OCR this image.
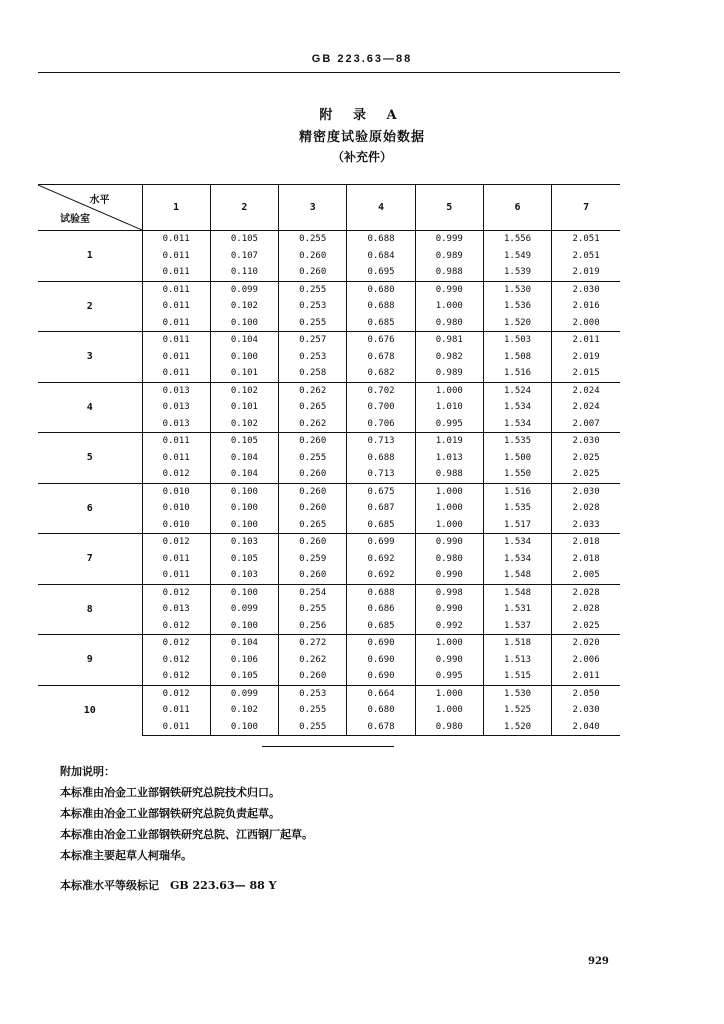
GB 223.63—88
附 录 A
精密度试验原始数据
（补充件）
水平
试验室	1	2	3	4	5	6	7
1	0.011	0.105	0.255	0.688	0.999	1.556	2.051
	0.011	0.107	0.260	0.684	0.989	1.549	2.051
	0.011	0.110	0.260	0.695	0.988	1.539	2.019
2	0.011	0.099	0.255	0.680	0.990	1.530	2.030
	0.011	0.102	0.253	0.688	1.000	1.536	2.016
	0.011	0.100	0.255	0.685	0.980	1.520	2.000
3	0.011	0.104	0.257	0.676	0.981	1.503	2.011
	0.011	0.100	0.253	0.678	0.982	1.508	2.019
	0.011	0.101	0.258	0.682	0.989	1.516	2.015
4	0.013	0.102	0.262	0.702	1.000	1.524	2.024
	0.013	0.101	0.265	0.700	1.010	1.534	2.024
	0.013	0.102	0.262	0.706	0.995	1.534	2.007
5	0.011	0.105	0.260	0.713	1.019	1.535	2.030
	0.011	0.104	0.255	0.688	1.013	1.500	2.025
	0.012	0.104	0.260	0.713	0.988	1.550	2.025
6	0.010	0.100	0.260	0.675	1.000	1.516	2.030
	0.010	0.100	0.260	0.687	1.000	1.535	2.028
	0.010	0.100	0.265	0.685	1.000	1.517	2.033
7	0.012	0.103	0.260	0.699	0.990	1.534	2.018
	0.011	0.105	0.259	0.692	0.980	1.534	2.018
	0.011	0.103	0.260	0.692	0.990	1.548	2.005
8	0.012	0.100	0.254	0.688	0.998	1.548	2.028
	0.013	0.099	0.255	0.686	0.990	1.531	2.028
	0.012	0.100	0.256	0.685	0.992	1.537	2.025
9	0.012	0.104	0.272	0.690	1.000	1.518	2.020
	0.012	0.106	0.262	0.690	0.990	1.513	2.006
	0.012	0.105	0.260	0.690	0.995	1.515	2.011
10	0.012	0.099	0.253	0.664	1.000	1.530	2.050
	0.011	0.102	0.255	0.680	1.000	1.525	2.030
	0.011	0.100	0.255	0.678	0.980	1.520	2.040
附加说明：
本标准由冶金工业部钢铁研究总院技术归口。
本标准由冶金工业部钢铁研究总院负责起草。
本标准由冶金工业部钢铁研究总院、江西钢厂起草。
本标准主要起草人柯瑞华。
本标准水平等级标记　GB 223.63— 88 Y
929
